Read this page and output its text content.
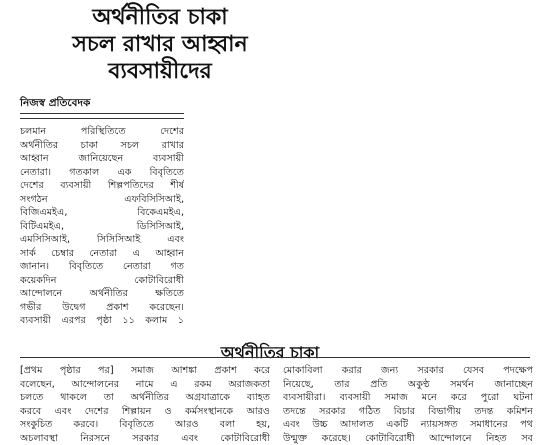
অর্থনীতির চাকা
সচল রাখার আহ্বান
ব্যবসায়ীদের
নিজস্ব প্রতিবেদক
চলমান পরিস্থিতিতে দেশের
অর্থনীতির চাকা সচল রাখার
আহ্বান জানিয়েছেন ব্যবসায়ী
নেতারা। গতকাল এক বিবৃতিতে
দেশের ব্যবসায়ী শিল্পপতিদের শীর্ষ
সংগঠন এফবিসিসিআই,
বিজিএমইএ, বিকেএমইএ,
বিটিএমইএ, ডিসিসিআই,
এমসিসিআই, সিসিসিআই এবং
সার্ক চেম্বার নেতারা এ আহ্বান
জানান। বিবৃতিতে নেতারা গত
কয়েকদিন কোটাবিরোধী
আন্দোলনে অর্থনীতির ক্ষতিতে
গভীর উদ্বেগ প্রকাশ করেছেন।
ব্যবসায়ী এরপর পৃষ্ঠা ১১ কলাম ১
অর্থনীতির চাকা
[প্রথম পৃষ্ঠার পর] সমাজ আশঙ্কা প্রকাশ করে
বলেছেন, আন্দোলনের নামে এ রকম অরাজকতা
চলতে থাকলে তা অর্থনীতির অগ্রযাত্রাকে ব্যাহত
করবে এবং দেশের শিল্পায়ন ও কর্মসংস্থানকে আরও
সংকুচিত করবে। বিবৃতিতে আরও বলা হয়,
অচলাবস্থা নিরসনে সরকার এবং কোটাবিরোধী
মোকাবিলা করার জন্য সরকার যেসব পদক্ষেপ
নিয়েছে, তার প্রতি অকুণ্ঠ সমর্থন জানাচ্ছেন
ব্যবসায়ীরা। ব্যবসায়ী সমাজ মনে করে পুরো ঘটনা
তদন্তে সরকার গঠিত বিচার বিভাগীয় তদন্ত কমিশন
এবং উচ্চ আদালত একটি ন্যায়সঙ্গত সমাধানের পথ
উন্মুক্ত করেছে। কোটাবিরোধী আন্দোলনে নিহত সব
